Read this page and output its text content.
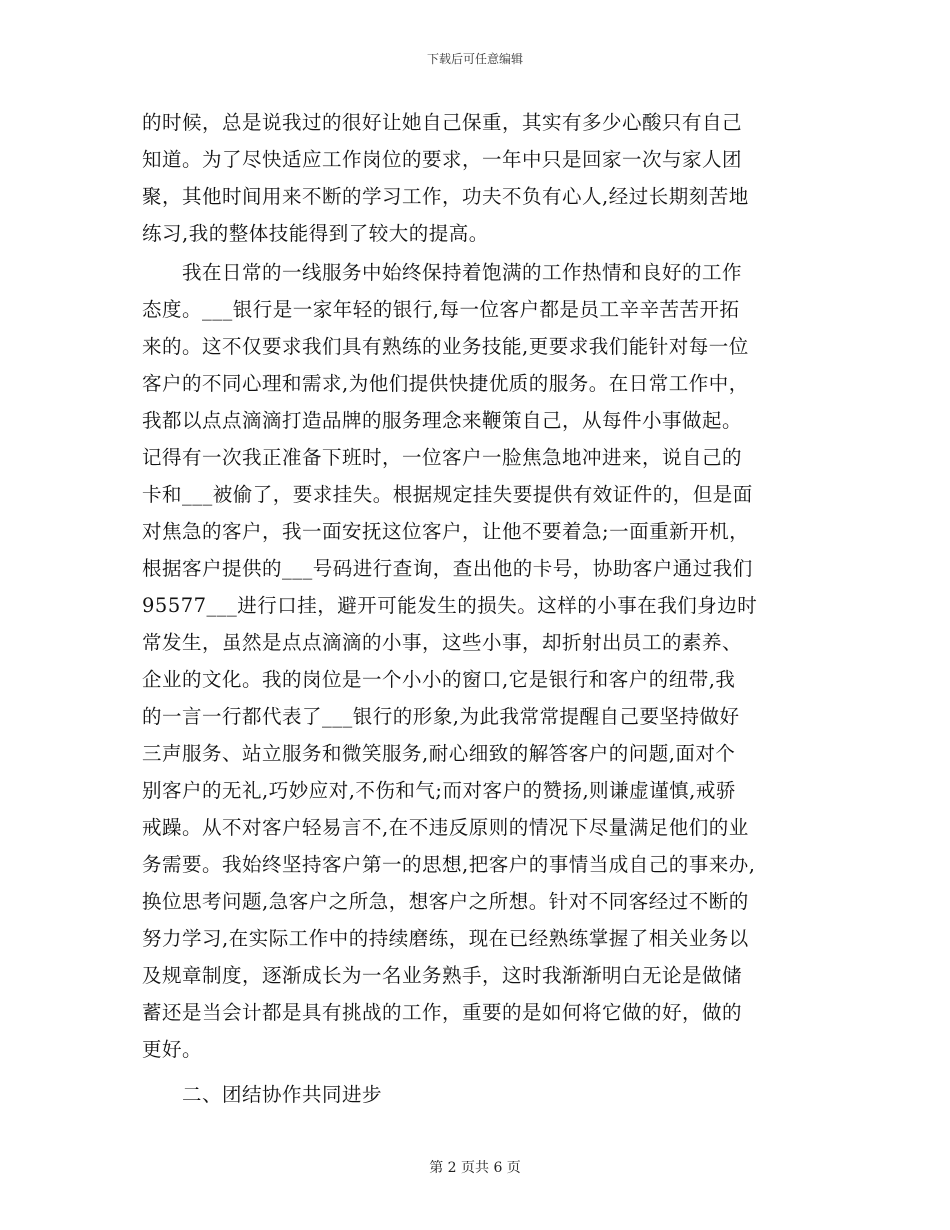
下载后可任意编辑
的时候，总是说我过的很好让她自己保重，其实有多少心酸只有自己
知道。为了尽快适应工作岗位的要求，一年中只是回家一次与家人团
聚，其他时间用来不断的学习工作，功夫不负有心人,经过长期刻苦地
练习,我的整体技能得到了较大的提高。
我在日常的一线服务中始终保持着饱满的工作热情和良好的工作
态度。___银行是一家年轻的银行,每一位客户都是员工辛辛苦苦开拓
来的。这不仅要求我们具有熟练的业务技能,更要求我们能针对每一位
客户的不同心理和需求,为他们提供快捷优质的服务。在日常工作中，
我都以点点滴滴打造品牌的服务理念来鞭策自己，从每件小事做起。
记得有一次我正准备下班时，一位客户一脸焦急地冲进来，说自己的
卡和___被偷了，要求挂失。根据规定挂失要提供有效证件的，但是面
对焦急的客户，我一面安抚这位客户，让他不要着急;一面重新开机，
根据客户提供的___号码进行查询，查出他的卡号，协助客户通过我们
95577___进行口挂，避开可能发生的损失。这样的小事在我们身边时
常发生，虽然是点点滴滴的小事，这些小事，却折射出员工的素养、
企业的文化。我的岗位是一个小小的窗口,它是银行和客户的纽带,我
的一言一行都代表了___银行的形象,为此我常常提醒自己要坚持做好
三声服务、站立服务和微笑服务,耐心细致的解答客户的问题,面对个
别客户的无礼,巧妙应对,不伤和气;而对客户的赞扬,则谦虚谨慎,戒骄
戒躁。从不对客户轻易言不,在不违反原则的情况下尽量满足他们的业
务需要。我始终坚持客户第一的思想,把客户的事情当成自己的事来办,
换位思考问题,急客户之所急，想客户之所想。针对不同客经过不断的
努力学习,在实际工作中的持续磨练，现在已经熟练掌握了相关业务以
及规章制度，逐渐成长为一名业务熟手，这时我渐渐明白无论是做储
蓄还是当会计都是具有挑战的工作，重要的是如何将它做的好，做的
更好。
二、团结协作共同进步
第 2 页共 6 页
